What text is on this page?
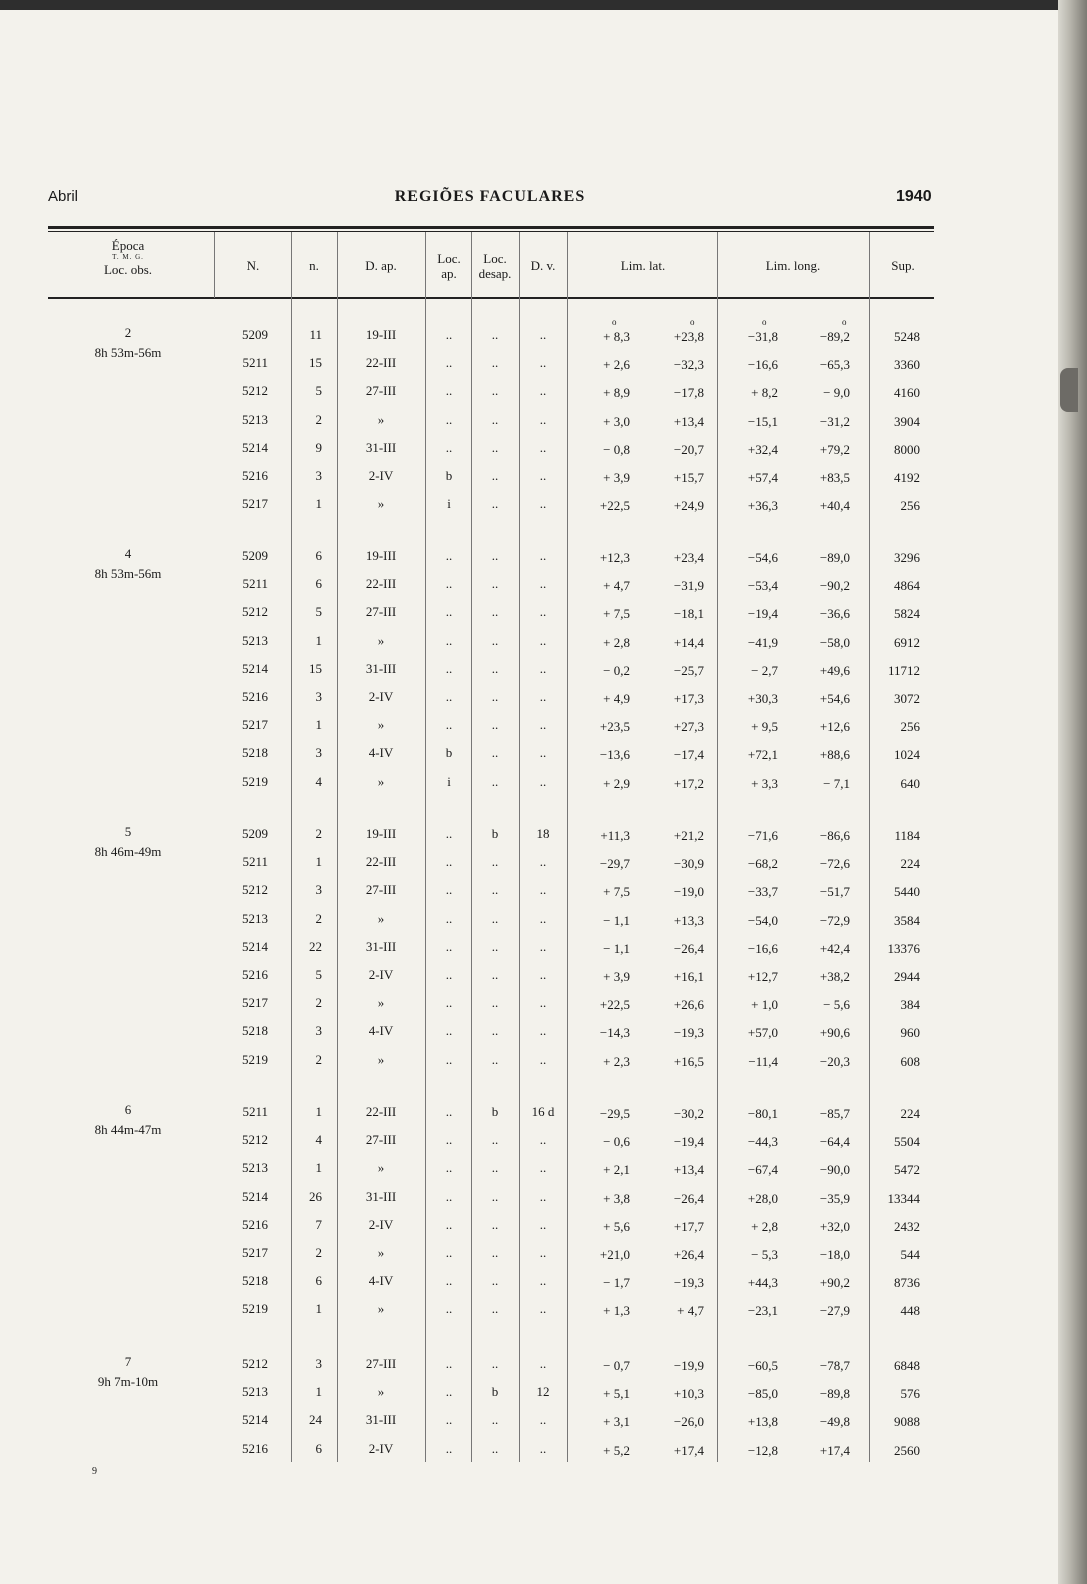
Abril	REGIÕES FACULARES	1940
Época
T. M. G.
Loc. obs.	N.	n.	D. ap.	Loc.
ap.
Loc.
desap.
D. v.	Lim. lat.	Lim. long.	Sup.
2
8h 53m-56m
5209	11	19-III	..	..	..	+ 8,3	+23,8	−31,8	−89,2	5248
5211	15	22-III	..	..	..	+ 2,6	−32,3	−16,6	−65,3	3360
5212	5	27-III	..	..	..	+ 8,9	−17,8	+ 8,2	− 9,0	4160
5213	2	»	..	..	..	+ 3,0	+13,4	−15,1	−31,2	3904
5214	9	31-III	..	..	..	− 0,8	−20,7	+32,4	+79,2	8000
5216	3	2-IV	b	..	..	+ 3,9	+15,7	+57,4	+83,5	4192
5217	1	»	i	..	..	+22,5	+24,9	+36,3	+40,4	256
o	o	o	o
4
8h 53m-56m
5209	6	19-III	..	..	..	+12,3	+23,4	−54,6	−89,0	3296
5211	6	22-III	..	..	..	+ 4,7	−31,9	−53,4	−90,2	4864
5212	5	27-III	..	..	..	+ 7,5	−18,1	−19,4	−36,6	5824
5213	1	»	..	..	..	+ 2,8	+14,4	−41,9	−58,0	6912
5214	15	31-III	..	..	..	− 0,2	−25,7	− 2,7	+49,6	11712
5216	3	2-IV	..	..	..	+ 4,9	+17,3	+30,3	+54,6	3072
5217	1	»	..	..	..	+23,5	+27,3	+ 9,5	+12,6	256
5218	3	4-IV	b	..	..	−13,6	−17,4	+72,1	+88,6	1024
5219	4	»	i	..	..	+ 2,9	+17,2	+ 3,3	− 7,1	640
5
8h 46m-49m
5209	2	19-III	..	b	18	+11,3	+21,2	−71,6	−86,6	1184
5211	1	22-III	..	..	..	−29,7	−30,9	−68,2	−72,6	224
5212	3	27-III	..	..	..	+ 7,5	−19,0	−33,7	−51,7	5440
5213	2	»	..	..	..	− 1,1	+13,3	−54,0	−72,9	3584
5214	22	31-III	..	..	..	− 1,1	−26,4	−16,6	+42,4	13376
5216	5	2-IV	..	..	..	+ 3,9	+16,1	+12,7	+38,2	2944
5217	2	»	..	..	..	+22,5	+26,6	+ 1,0	− 5,6	384
5218	3	4-IV	..	..	..	−14,3	−19,3	+57,0	+90,6	960
5219	2	»	..	..	..	+ 2,3	+16,5	−11,4	−20,3	608
6
8h 44m-47m
5211	1	22-III	..	b	16 d	−29,5	−30,2	−80,1	−85,7	224
5212	4	27-III	..	..	..	− 0,6	−19,4	−44,3	−64,4	5504
5213	1	»	..	..	..	+ 2,1	+13,4	−67,4	−90,0	5472
5214	26	31-III	..	..	..	+ 3,8	−26,4	+28,0	−35,9	13344
5216	7	2-IV	..	..	..	+ 5,6	+17,7	+ 2,8	+32,0	2432
5217	2	»	..	..	..	+21,0	+26,4	− 5,3	−18,0	544
5218	6	4-IV	..	..	..	− 1,7	−19,3	+44,3	+90,2	8736
5219	1	»	..	..	..	+ 1,3	+ 4,7	−23,1	−27,9	448
7
9h 7m-10m
5212	3	27-III	..	..	..	− 0,7	−19,9	−60,5	−78,7	6848
5213	1	»	..	b	12	+ 5,1	+10,3	−85,0	−89,8	576
5214	24	31-III	..	..	..	+ 3,1	−26,0	+13,8	−49,8	9088
5216	6	2-IV	..	..	..	+ 5,2	+17,4	−12,8	+17,4	2560
9
